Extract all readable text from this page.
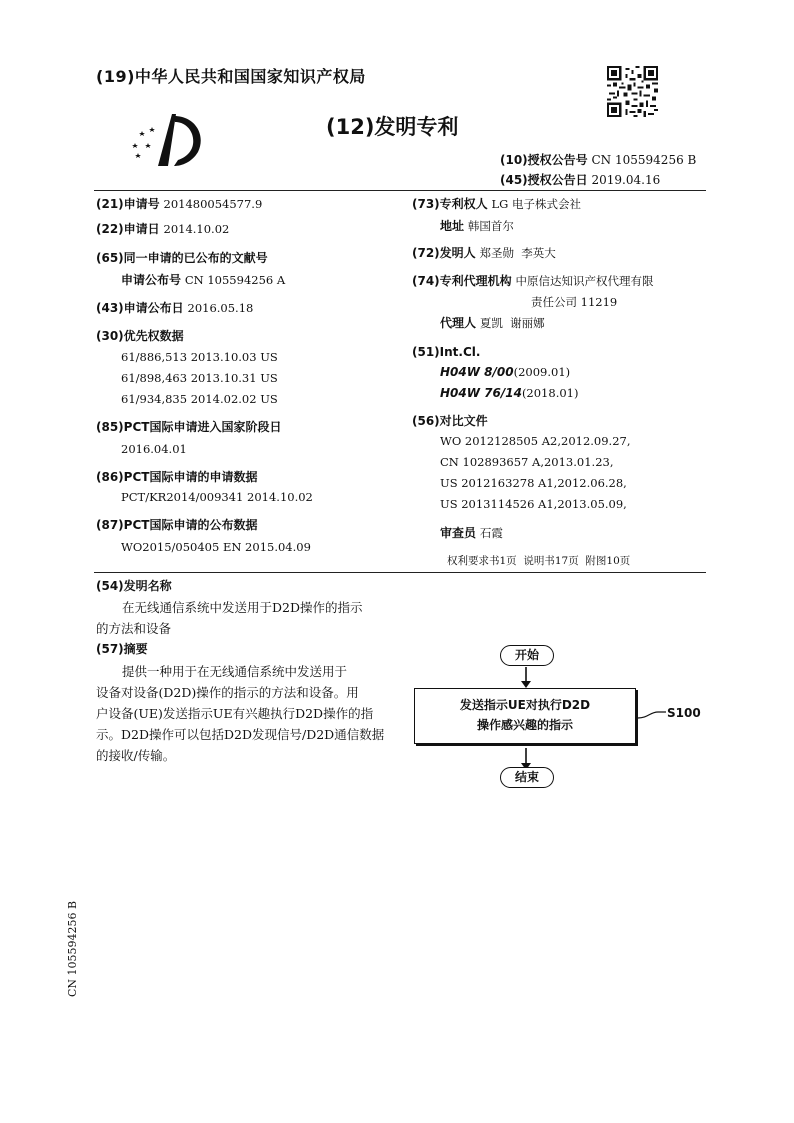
(19)中华人民共和国国家知识产权局
(12)发明专利
(10)授权公告号 CN 105594256 B
(45)授权公告日 2019.04.16
(21)申请号 201480054577.9
(22)申请日 2014.10.02
(65)同一申请的已公布的文献号
申请公布号 CN 105594256 A
(43)申请公布日 2016.05.18
(30)优先权数据
61/886,513 2013.10.03 US
61/898,463 2013.10.31 US
61/934,835 2014.02.02 US
(85)PCT国际申请进入国家阶段日
2016.04.01
(86)PCT国际申请的申请数据
PCT/KR2014/009341 2014.10.02
(87)PCT国际申请的公布数据
WO2015/050405 EN 2015.04.09
(73)专利权人 LG 电子株式会社
地址 韩国首尔
(72)发明人 郑圣勋  李英大
(74)专利代理机构 中原信达知识产权代理有限
责任公司 11219
代理人 夏凯  谢丽娜
(51)Int.Cl.
H04W 8/00(2009.01)
H04W 76/14(2018.01)
(56)对比文件
WO 2012128505 A2,2012.09.27,
CN 102893657 A,2013.01.23,
US 2012163278 A1,2012.06.28,
US 2013114526 A1,2013.05.09,
审查员 石霞
权利要求书1页  说明书17页  附图10页
(54)发明名称
在无线通信系统中发送用于D2D操作的指示
的方法和设备
(57)摘要
提供一种用于在无线通信系统中发送用于
设备对设备(D2D)操作的指示的方法和设备。用
户设备(UE)发送指示UE有兴趣执行D2D操作的指
示。D2D操作可以包括D2D发现信号/D2D通信数据
的接收/传输。
开始
发送指示UE对执行D2D
操作感兴趣的指示
S100
结束
CN 105594256 B
